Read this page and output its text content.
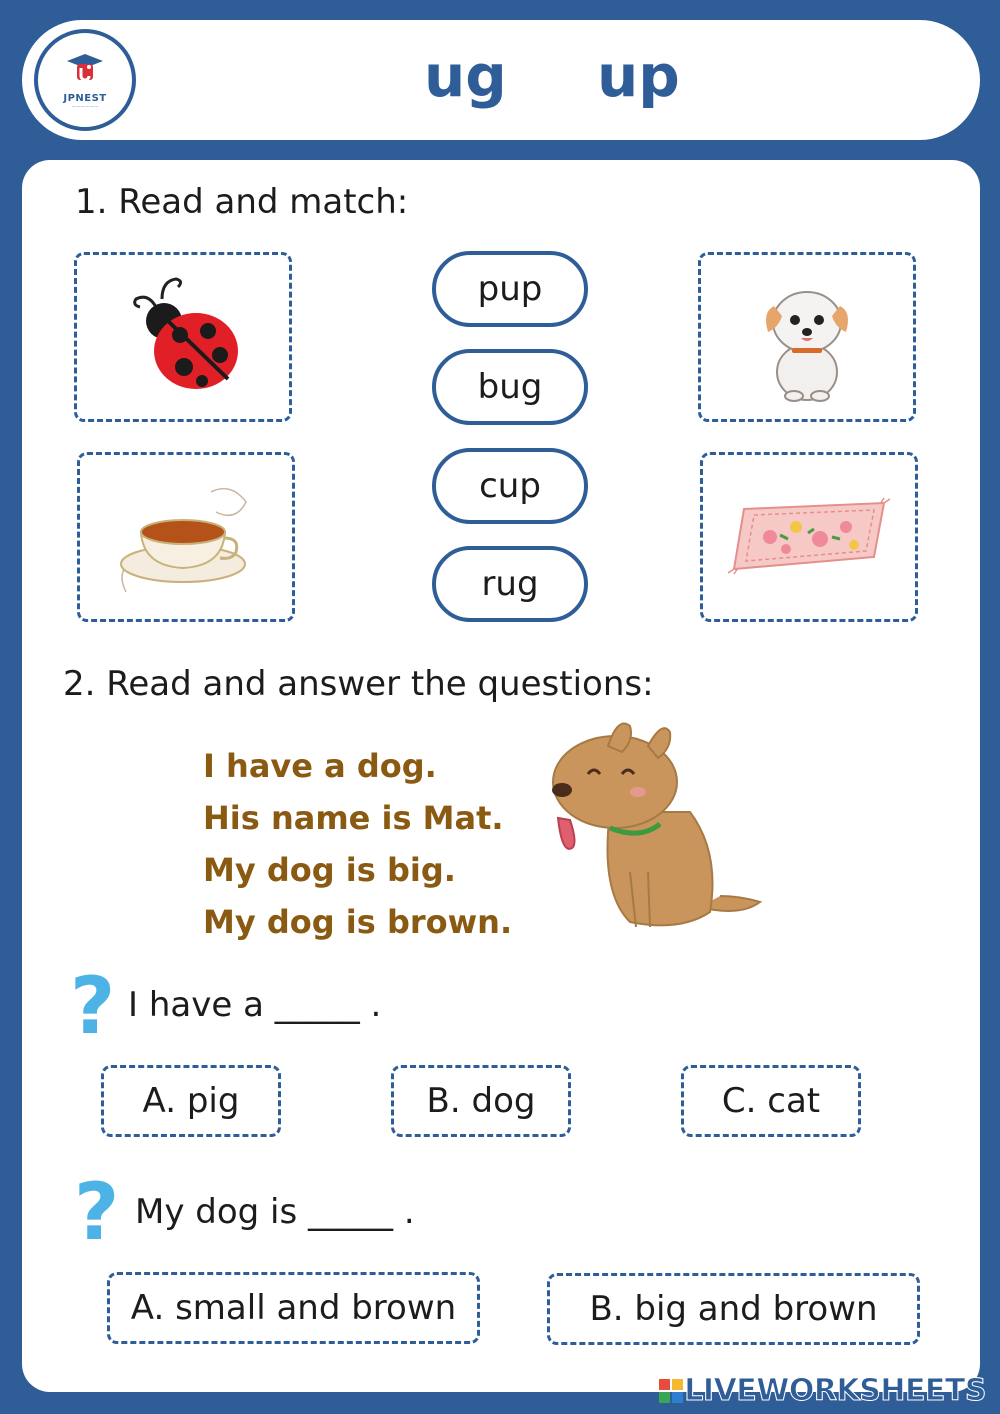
JPNEST
·····················	ug up
1. Read and match:
pup
bug
cup
rug
2. Read and answer the questions:
I have a dog.
His name is Mat.
My dog is big.
My dog is brown.
? I have a _____ .
A. pig	B. dog	C. cat
? My dog is _____ .
A. small and brown	B. big and brown
LIVEWORKSHEETS
